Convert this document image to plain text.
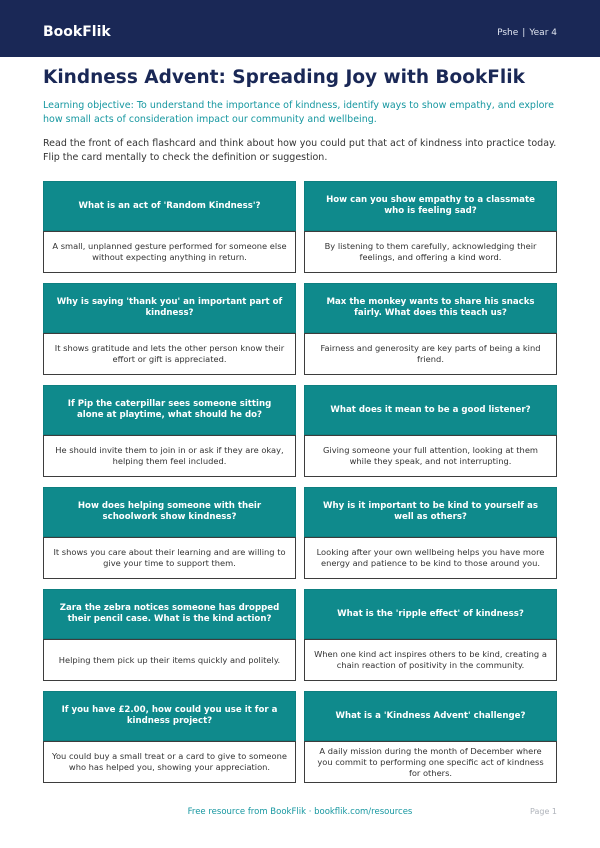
BookFlik	Pshe | Year 4
Kindness Advent: Spreading Joy with BookFlik

Learning objective: To understand the importance of kindness, identify ways to show empathy, and explore how small acts of consideration impact our community and wellbeing.

Read the front of each flashcard and think about how you could put that act of kindness into practice today. Flip the card mentally to check the definition or suggestion.

What is an act of 'Random Kindness'?
A small, unplanned gesture performed for someone else without expecting anything in return.
How can you show empathy to a classmate who is feeling sad?
By listening to them carefully, acknowledging their feelings, and offering a kind word.
Why is saying 'thank you' an important part of kindness?
It shows gratitude and lets the other person know their effort or gift is appreciated.
Max the monkey wants to share his snacks fairly. What does this teach us?
Fairness and generosity are key parts of being a kind friend.
If Pip the caterpillar sees someone sitting alone at playtime, what should he do?
He should invite them to join in or ask if they are okay, helping them feel included.
What does it mean to be a good listener?
Giving someone your full attention, looking at them while they speak, and not interrupting.
How does helping someone with their schoolwork show kindness?
It shows you care about their learning and are willing to give your time to support them.
Why is it important to be kind to yourself as well as others?
Looking after your own wellbeing helps you have more energy and patience to be kind to those around you.
Zara the zebra notices someone has dropped their pencil case. What is the kind action?
Helping them pick up their items quickly and politely.
What is the 'ripple effect' of kindness?
When one kind act inspires others to be kind, creating a chain reaction of positivity in the community.
If you have £2.00, how could you use it for a kindness project?
You could buy a small treat or a card to give to someone who has helped you, showing your appreciation.
What is a 'Kindness Advent' challenge?
A daily mission during the month of December where you commit to performing one specific act of kindness for others.
Free resource from BookFlik · bookflik.com/resources	Page 1
